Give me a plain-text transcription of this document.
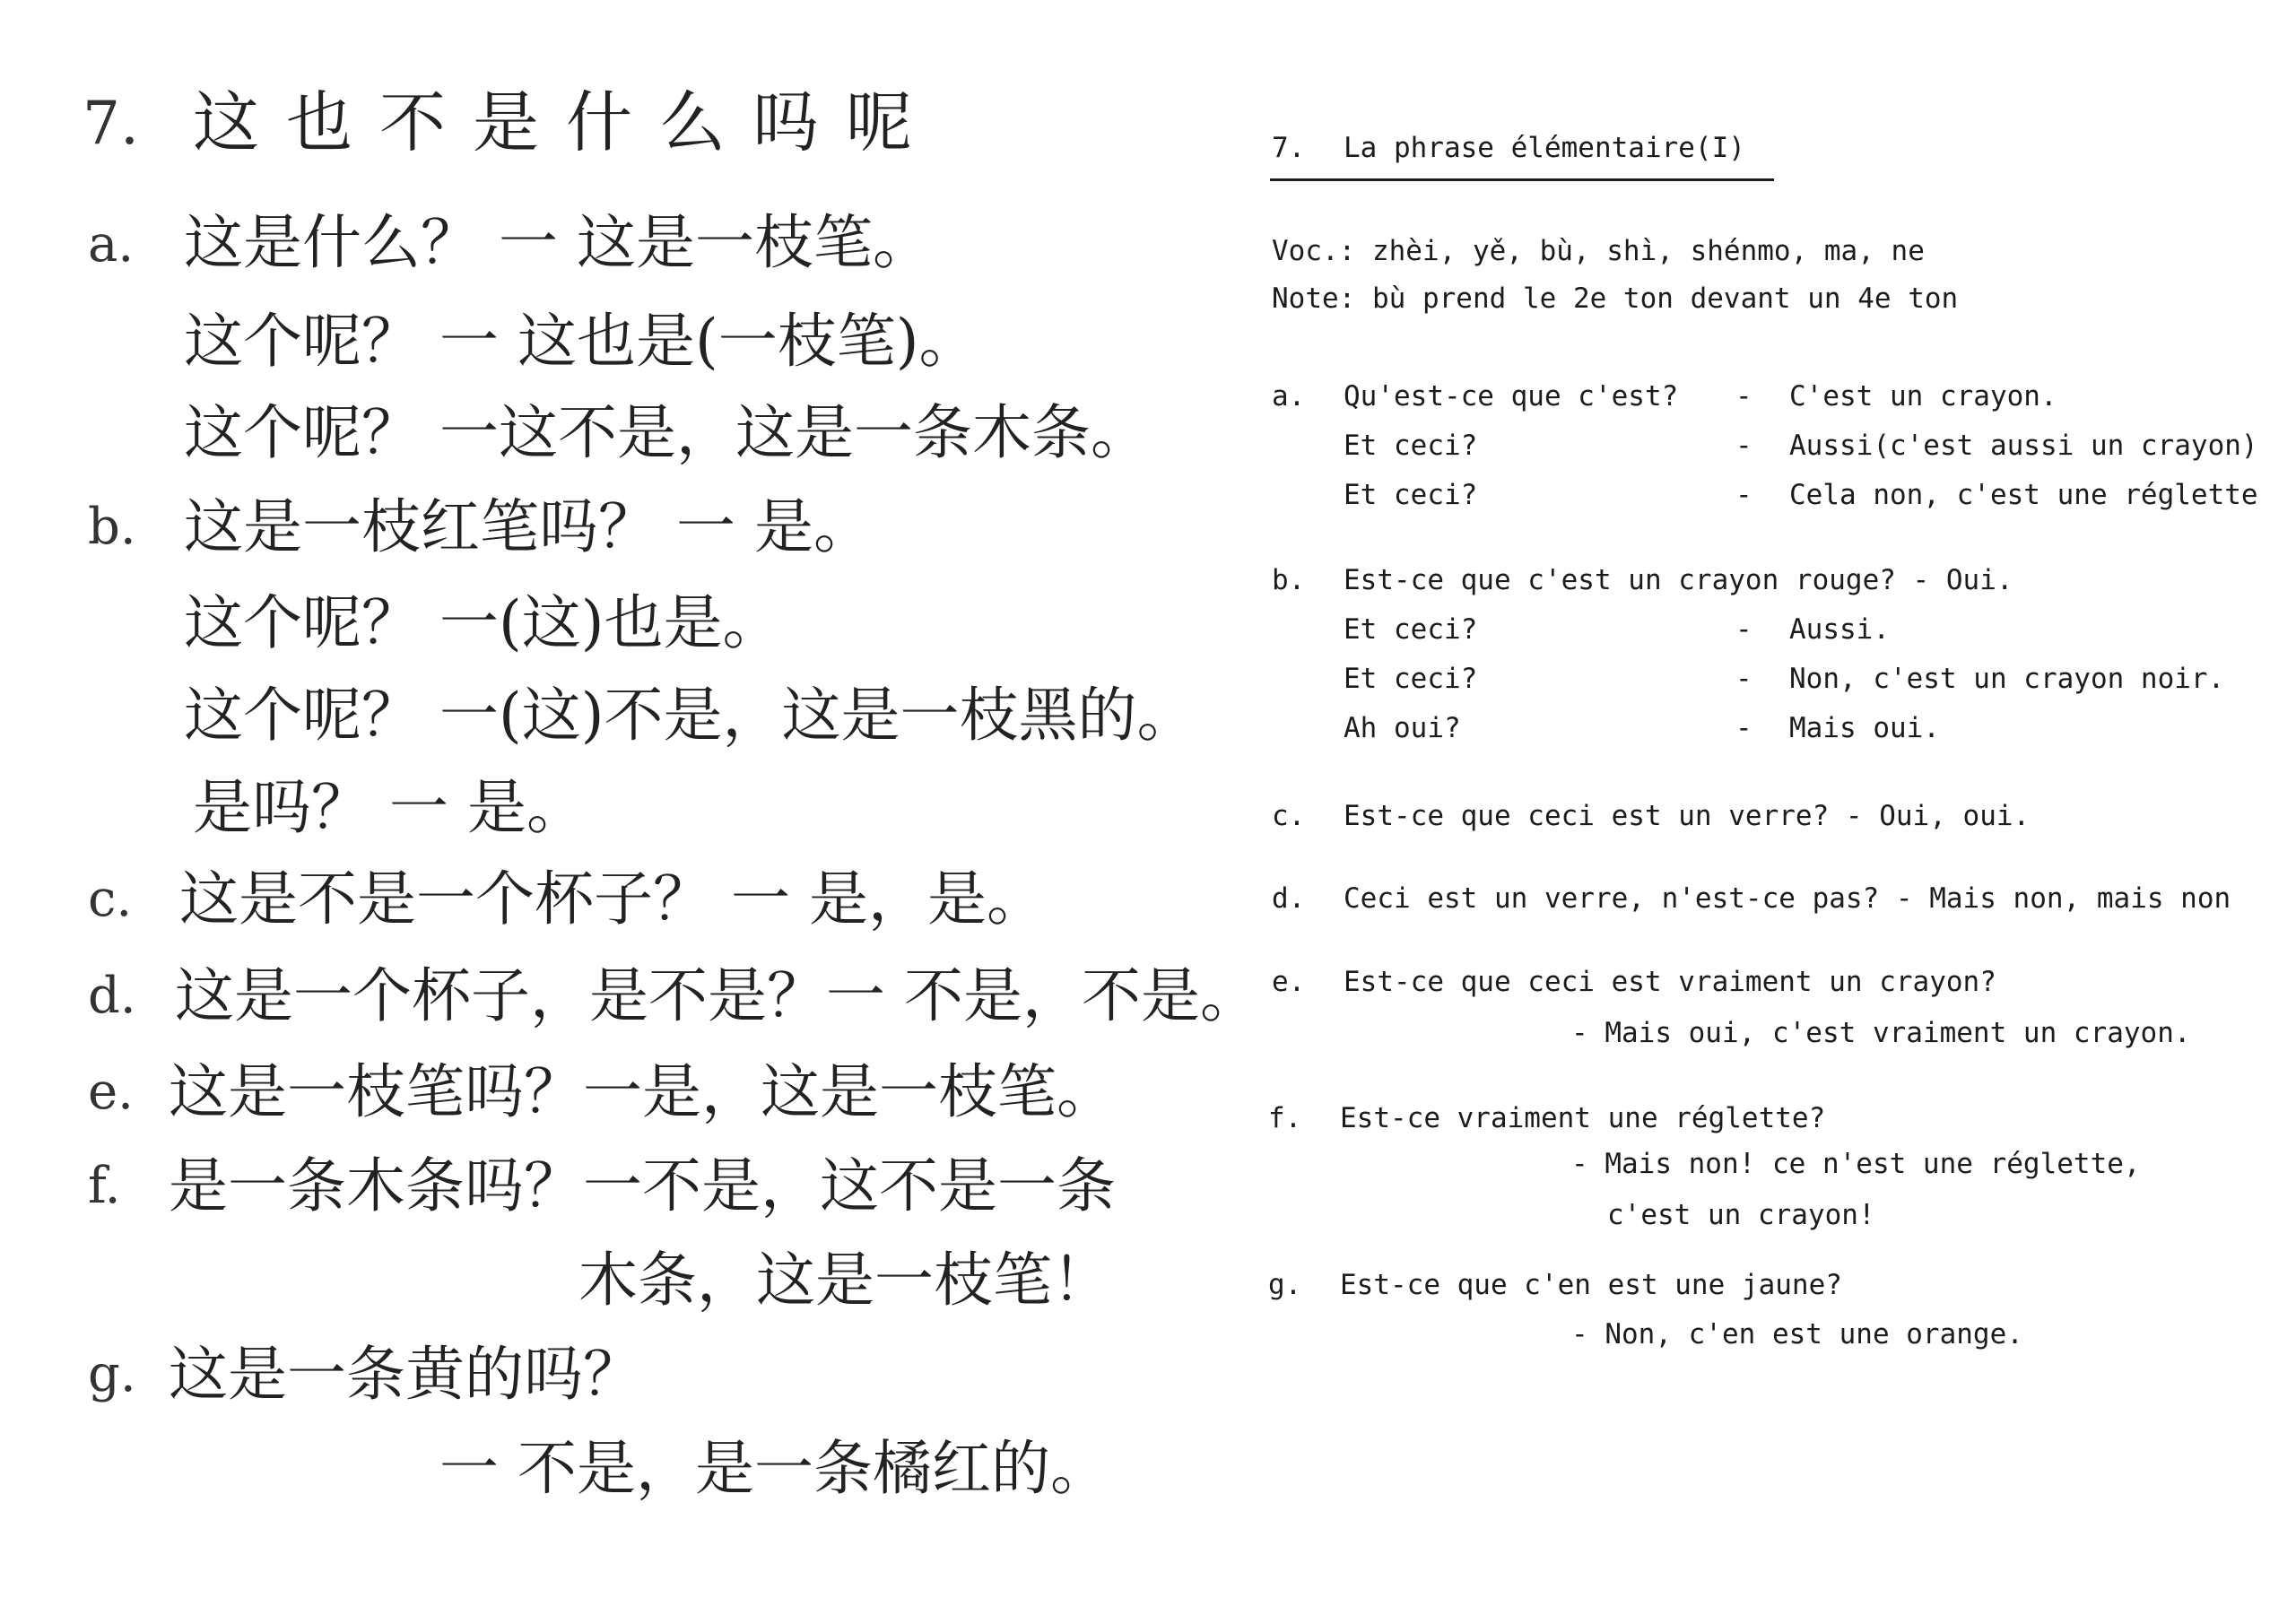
7. 这也不是什么吗呢
a. 这是什么？ 一 这是一枝笔。
这个呢？ 一 这也是(一枝笔)。
这个呢？ 一这不是，这是一条木条。
b. 这是一枝红笔吗？ 一 是。
这个呢？ 一(这)也是。
这个呢？ 一(这)不是，这是一枝黑的。
是吗？ 一 是。
c. 这是不是一个杯子？ 一 是，是。
d. 这是一个杯子，是不是？一 不是，不是。
e. 这是一枝笔吗？一是，这是一枝笔。
f. 是一条木条吗？一不是，这不是一条
木条，这是一枝笔！
g. 这是一条黄的吗？
一 不是，是一条橘红的。
7. La phrase élémentaire(I)
Voc.: zhèi, yě, bù, shì, shénmo, ma, ne
Note: bù prend le 2e ton devant un 4e ton
a. Qu'est-ce que c'est? - C'est un crayon.
Et ceci?	- Aussi(c'est aussi un crayon)
Et ceci?	- Cela non, c'est une réglette
b. Est-ce que c'est un crayon rouge? - Oui.
Et ceci?	- Aussi.
Et ceci?	- Non, c'est un crayon noir.
Ah oui?	- Mais oui.
c. Est-ce que ceci est un verre? - Oui, oui.
d. Ceci est un verre, n'est-ce pas? - Mais non, mais non
e. Est-ce que ceci est vraiment un crayon?
- Mais oui, c'est vraiment un crayon.
f. Est-ce vraiment une réglette?
- Mais non! ce n'est une réglette,
c'est un crayon!
g. Est-ce que c'en est une jaune?
- Non, c'en est une orange.
